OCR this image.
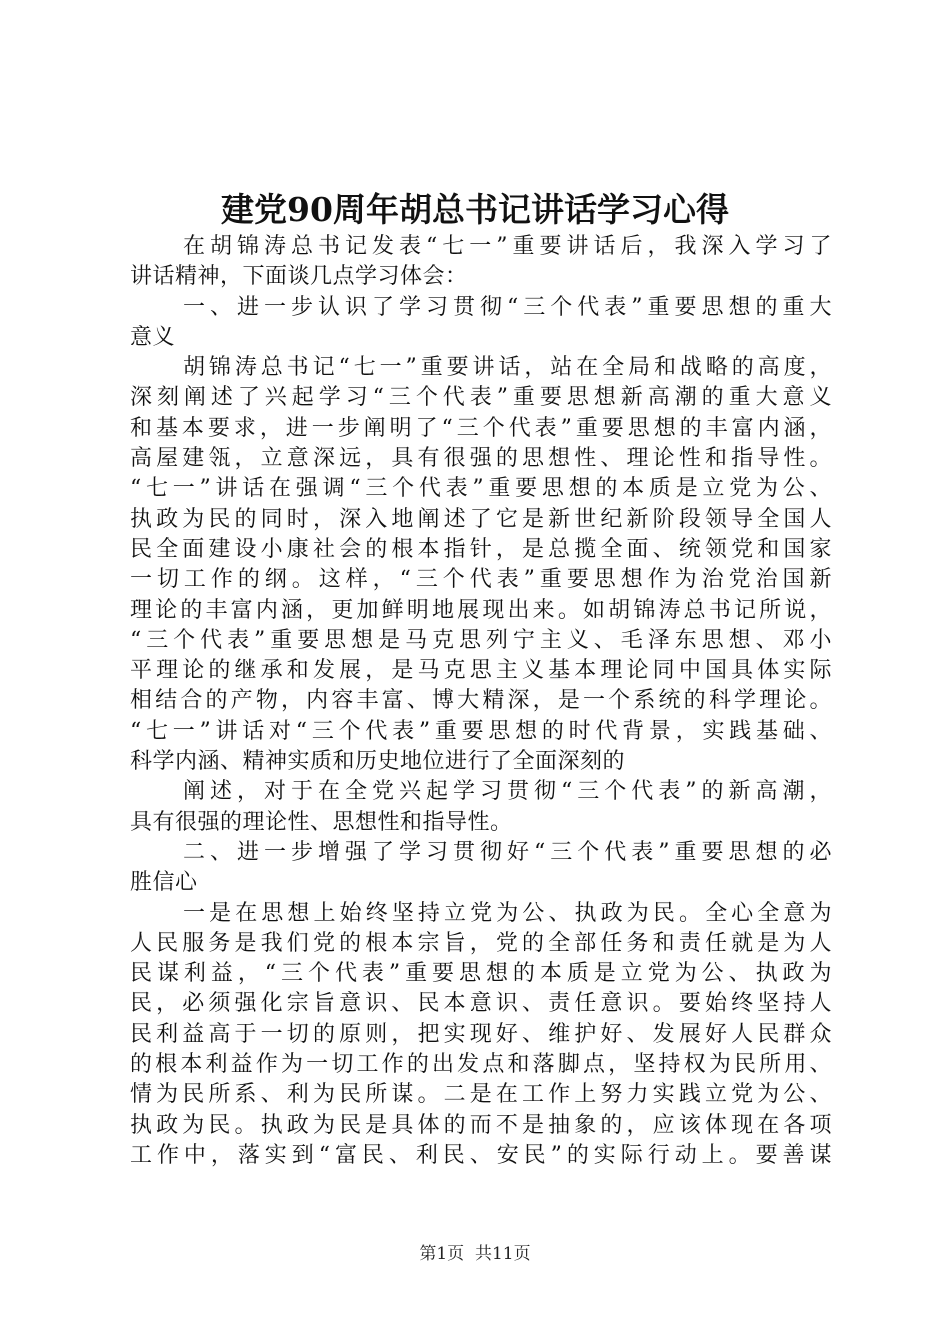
建党90周年胡总书记讲话学习心得
在胡锦涛总书记发表“七一”重要讲话后，我深入学习了
讲话精神，下面谈几点学习体会：
一、进一步认识了学习贯彻“三个代表”重要思想的重大
意义
胡锦涛总书记“七一”重要讲话，站在全局和战略的高度，
深刻阐述了兴起学习“三个代表”重要思想新高潮的重大意义
和基本要求，进一步阐明了“三个代表”重要思想的丰富内涵，
高屋建瓴，立意深远，具有很强的思想性、理论性和指导性。
“七一”讲话在强调“三个代表”重要思想的本质是立党为公、
执政为民的同时，深入地阐述了它是新世纪新阶段领导全国人
民全面建设小康社会的根本指针，是总揽全面、统领党和国家
一切工作的纲。这样，“三个代表”重要思想作为治党治国新
理论的丰富内涵，更加鲜明地展现出来。如胡锦涛总书记所说，
“三个代表”重要思想是马克思列宁主义、毛泽东思想、邓小
平理论的继承和发展，是马克思主义基本理论同中国具体实际
相结合的产物，内容丰富、博大精深，是一个系统的科学理论。
“七一”讲话对“三个代表”重要思想的时代背景，实践基础、
科学内涵、精神实质和历史地位进行了全面深刻的
阐述，对于在全党兴起学习贯彻“三个代表”的新高潮，
具有很强的理论性、思想性和指导性。
二、进一步增强了学习贯彻好“三个代表”重要思想的必
胜信心
一是在思想上始终坚持立党为公、执政为民。全心全意为
人民服务是我们党的根本宗旨，党的全部任务和责任就是为人
民谋利益，“三个代表”重要思想的本质是立党为公、执政为
民，必须强化宗旨意识、民本意识、责任意识。要始终坚持人
民利益高于一切的原则，把实现好、维护好、发展好人民群众
的根本利益作为一切工作的出发点和落脚点，坚持权为民所用、
情为民所系、利为民所谋。二是在工作上努力实践立党为公、
执政为民。执政为民是具体的而不是抽象的，应该体现在各项
工作中，落实到“富民、利民、安民”的实际行动上。要善谋
第1页  共11页
